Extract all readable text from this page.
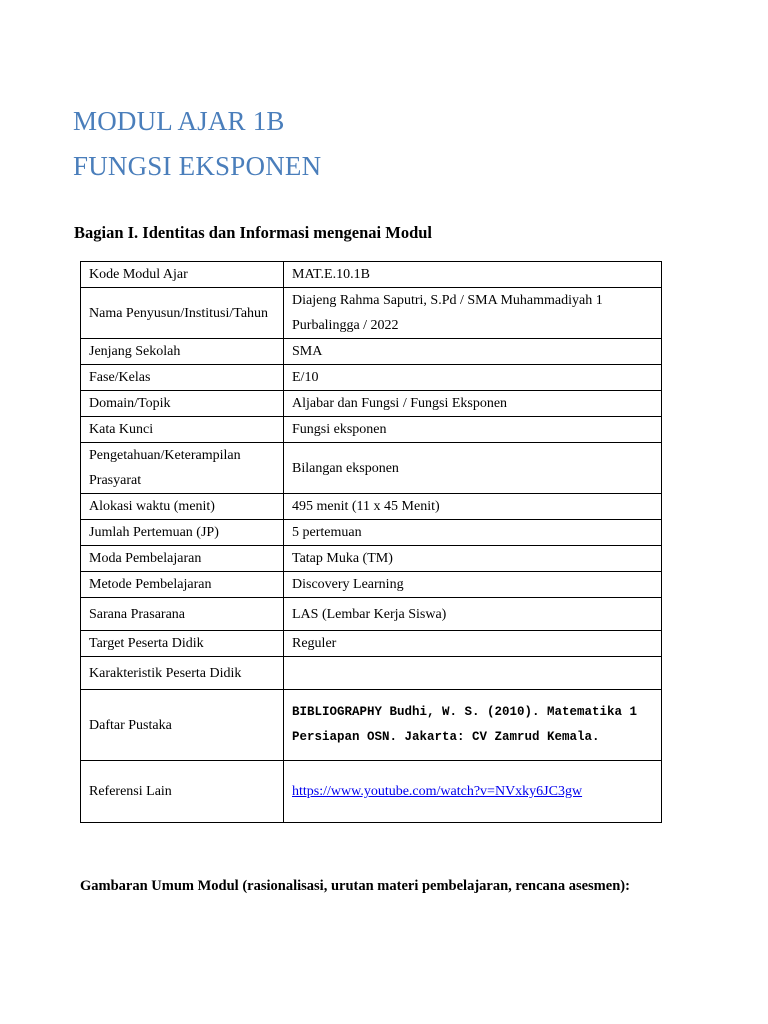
MODUL AJAR 1B
FUNGSI EKSPONEN
Bagian I. Identitas dan Informasi mengenai Modul
Kode Modul Ajar	MAT.E.10.1B
Nama Penyusun/Institusi/Tahun	Diajeng Rahma Saputri, S.Pd / SMA Muhammadiyah 1 Purbalingga / 2022
Jenjang Sekolah	SMA
Fase/Kelas	E/10
Domain/Topik	Aljabar dan Fungsi / Fungsi Eksponen
Kata Kunci	Fungsi eksponen
Pengetahuan/Keterampilan Prasyarat	Bilangan eksponen
Alokasi waktu (menit)	495 menit (11 x 45 Menit)
Jumlah Pertemuan (JP)	5 pertemuan
Moda Pembelajaran	Tatap Muka (TM)
Metode Pembelajaran	Discovery Learning
Sarana Prasarana	LAS (Lembar Kerja Siswa)
Target Peserta Didik	Reguler
Karakteristik Peserta Didik	
Daftar Pustaka	BIBLIOGRAPHY Budhi, W. S. (2010). Matematika 1 Persiapan OSN. Jakarta: CV Zamrud Kemala.
Referensi Lain	https://www.youtube.com/watch?v=NVxky6JC3gw

Gambaran Umum Modul (rasionalisasi, urutan materi pembelajaran, rencana asesmen):
